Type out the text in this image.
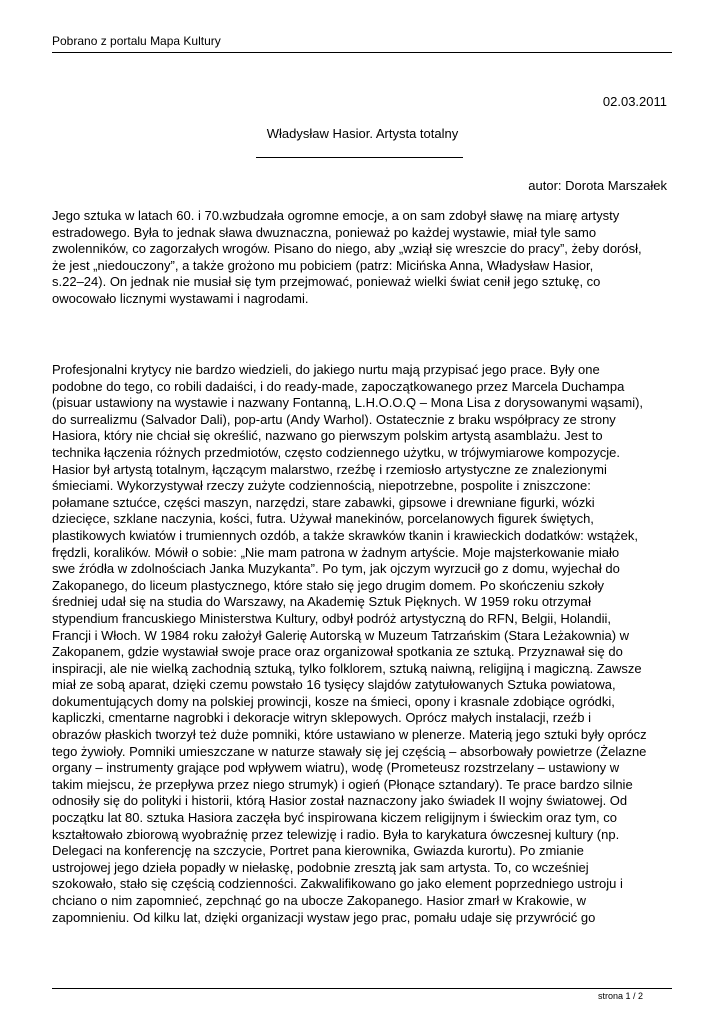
Pobrano z portalu Mapa Kultury
02.03.2011
Władysław Hasior. Artysta totalny
autor: Dorota Marszałek
Jego sztuka w latach 60. i 70.wzbudzała ogromne emocje, a on sam zdobył sławę na miarę artysty
estradowego. Była to jednak sława dwuznaczna, ponieważ po każdej wystawie, miał tyle samo
zwolenników, co zagorzałych wrogów. Pisano do niego, aby „wziął się wreszcie do pracy”, żeby dorósł,
że jest „niedouczony”, a także grożono mu pobiciem (patrz: Micińska Anna, Władysław Hasior,
s.22–24). On jednak nie musiał się tym przejmować, ponieważ wielki świat cenił jego sztukę, co
owocowało licznymi wystawami i nagrodami.
Profesjonalni krytycy nie bardzo wiedzieli, do jakiego nurtu mają przypisać jego prace. Były one
podobne do tego, co robili dadaiści, i do ready-made, zapoczątkowanego przez Marcela Duchampa
(pisuar ustawiony na wystawie i nazwany Fontanną, L.H.O.O.Q – Mona Lisa z dorysowanymi wąsami),
do surrealizmu (Salvador Dali), pop-artu (Andy Warhol). Ostatecznie z braku współpracy ze strony
Hasiora, który nie chciał się określić, nazwano go pierwszym polskim artystą asamblażu. Jest to
technika łączenia różnych przedmiotów, często codziennego użytku, w trójwymiarowe kompozycje.
Hasior był artystą totalnym, łączącym malarstwo, rzeźbę i rzemiosło artystyczne ze znalezionymi
śmieciami. Wykorzystywał rzeczy zużyte codziennością, niepotrzebne, pospolite i zniszczone:
połamane sztućce, części maszyn, narzędzi, stare zabawki, gipsowe i drewniane figurki, wózki
dziecięce, szklane naczynia, kości, futra. Używał manekinów, porcelanowych figurek świętych,
plastikowych kwiatów i trumiennych ozdób, a także skrawków tkanin i krawieckich dodatków: wstążek,
frędzli, koralików. Mówił o sobie: „Nie mam patrona w żadnym artyście. Moje majsterkowanie miało
swe źródła w zdolnościach Janka Muzykanta”. Po tym, jak ojczym wyrzucił go z domu, wyjechał do
Zakopanego, do liceum plastycznego, które stało się jego drugim domem. Po skończeniu szkoły
średniej udał się na studia do Warszawy, na Akademię Sztuk Pięknych. W 1959 roku otrzymał
stypendium francuskiego Ministerstwa Kultury, odbył podróż artystyczną do RFN, Belgii, Holandii,
Francji i Włoch. W 1984 roku założył Galerię Autorską w Muzeum Tatrzańskim (Stara Leżakownia) w
Zakopanem, gdzie wystawiał swoje prace oraz organizował spotkania ze sztuką. Przyznawał się do
inspiracji, ale nie wielką zachodnią sztuką, tylko folklorem, sztuką naiwną, religijną i magiczną. Zawsze
miał ze sobą aparat, dzięki czemu powstało 16 tysięcy slajdów zatytułowanych Sztuka powiatowa,
dokumentujących domy na polskiej prowincji, kosze na śmieci, opony i krasnale zdobiące ogródki,
kapliczki, cmentarne nagrobki i dekoracje witryn sklepowych. Oprócz małych instalacji, rzeźb i
obrazów płaskich tworzył też duże pomniki, które ustawiano w plenerze. Materią jego sztuki były oprócz
tego żywioły. Pomniki umieszczane w naturze stawały się jej częścią – absorbowały powietrze (Żelazne
organy – instrumenty grające pod wpływem wiatru), wodę (Prometeusz rozstrzelany – ustawiony w
takim miejscu, że przepływa przez niego strumyk) i ogień (Płonące sztandary). Te prace bardzo silnie
odnosiły się do polityki i historii, którą Hasior został naznaczony jako świadek II wojny światowej. Od
początku lat 80. sztuka Hasiora zaczęła być inspirowana kiczem religijnym i świeckim oraz tym, co
kształtowało zbiorową wyobraźnię przez telewizję i radio. Była to karykatura ówczesnej kultury (np.
Delegaci na konferencję na szczycie, Portret pana kierownika, Gwiazda kurortu). Po zmianie
ustrojowej jego dzieła popadły w niełaskę, podobnie zresztą jak sam artysta. To, co wcześniej
szokowało, stało się częścią codzienności. Zakwalifikowano go jako element poprzedniego ustroju i
chciano o nim zapomnieć, zepchnąć go na ubocze Zakopanego. Hasior zmarł w Krakowie, w
zapomnieniu. Od kilku lat, dzięki organizacji wystaw jego prac, pomału udaje się przywrócić go
strona 1 / 2
